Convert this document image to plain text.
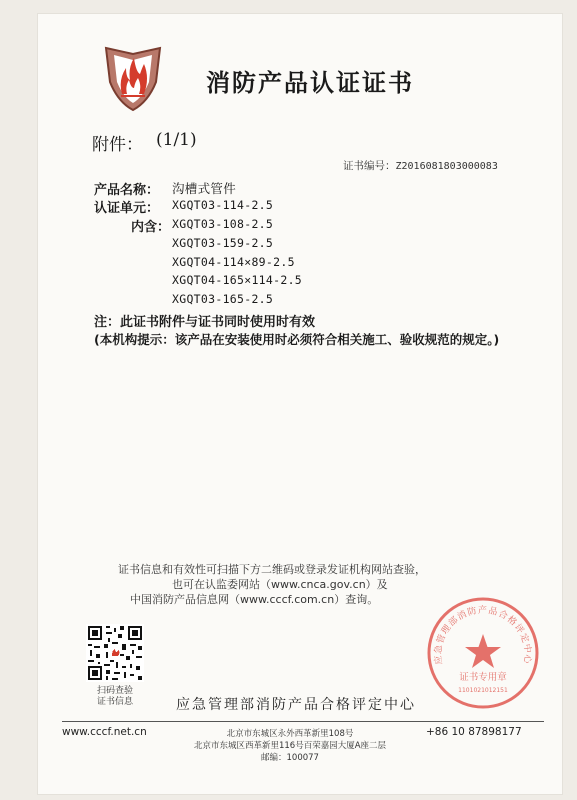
消防产品认证证书
附件： (1/1)
证书编号：Z2016081803000083
产品名称： 沟槽式管件
认证单元： XGQT03-114-2.5
内含： XGQT03-108-2.5
XGQT03-159-2.5
XGQT04-114×89-2.5
XGQT04-165×114-2.5
XGQT03-165-2.5
注：此证书附件与证书同时使用时有效
(本机构提示：该产品在安装使用时必须符合相关施工、验收规范的规定。)
证书信息和有效性可扫描下方二维码或登录发证机构网站查验，
也可在认监委网站（www.cnca.gov.cn）及
中国消防产品信息网（www.cccf.com.cn）查询。
扫码查验
证书信息	应急管理部消防产品合格评定中心
应急管理部消防产品合格评定中心
证书专用章
1101021012151
www.cccf.net.cn	+86 10 87898177
北京市东城区永外西革新里108号
北京市东城区西革新里116号百荣嘉园大厦A座二层
邮编：100077
